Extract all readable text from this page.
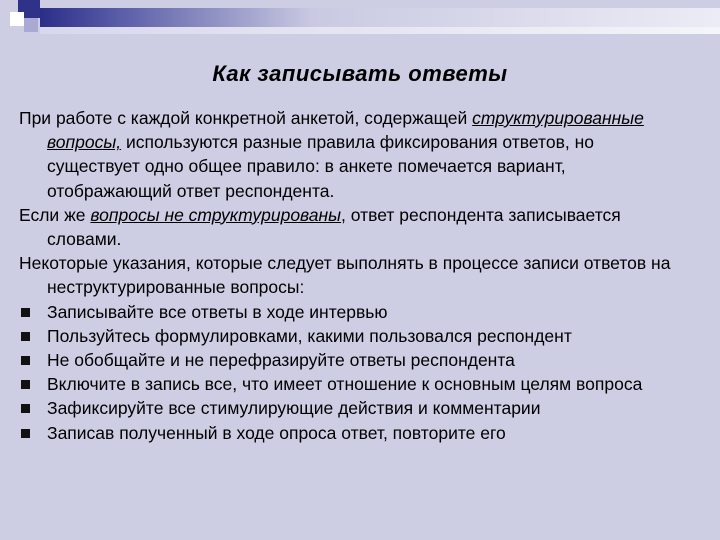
Как записывать ответы

При работе с каждой конкретной анкетой, содержащей структурированные вопросы, используются разные правила фиксирования ответов, но существует одно общее правило: в анкете помечается вариант, отображающий ответ респондента.

Если же вопросы не структурированы, ответ респондента записывается словами.

Некоторые указания, которые следует выполнять в процессе записи ответов на неструктурированные вопросы:

Записывайте все ответы в ходе интервью
Пользуйтесь формулировками, какими пользовался респондент
Не обобщайте и не перефразируйте ответы респондента
Включите в запись все, что имеет отношение к основным целям вопроса
Зафиксируйте все стимулирующие действия и комментарии
Записав полученный в ходе опроса ответ, повторите его
